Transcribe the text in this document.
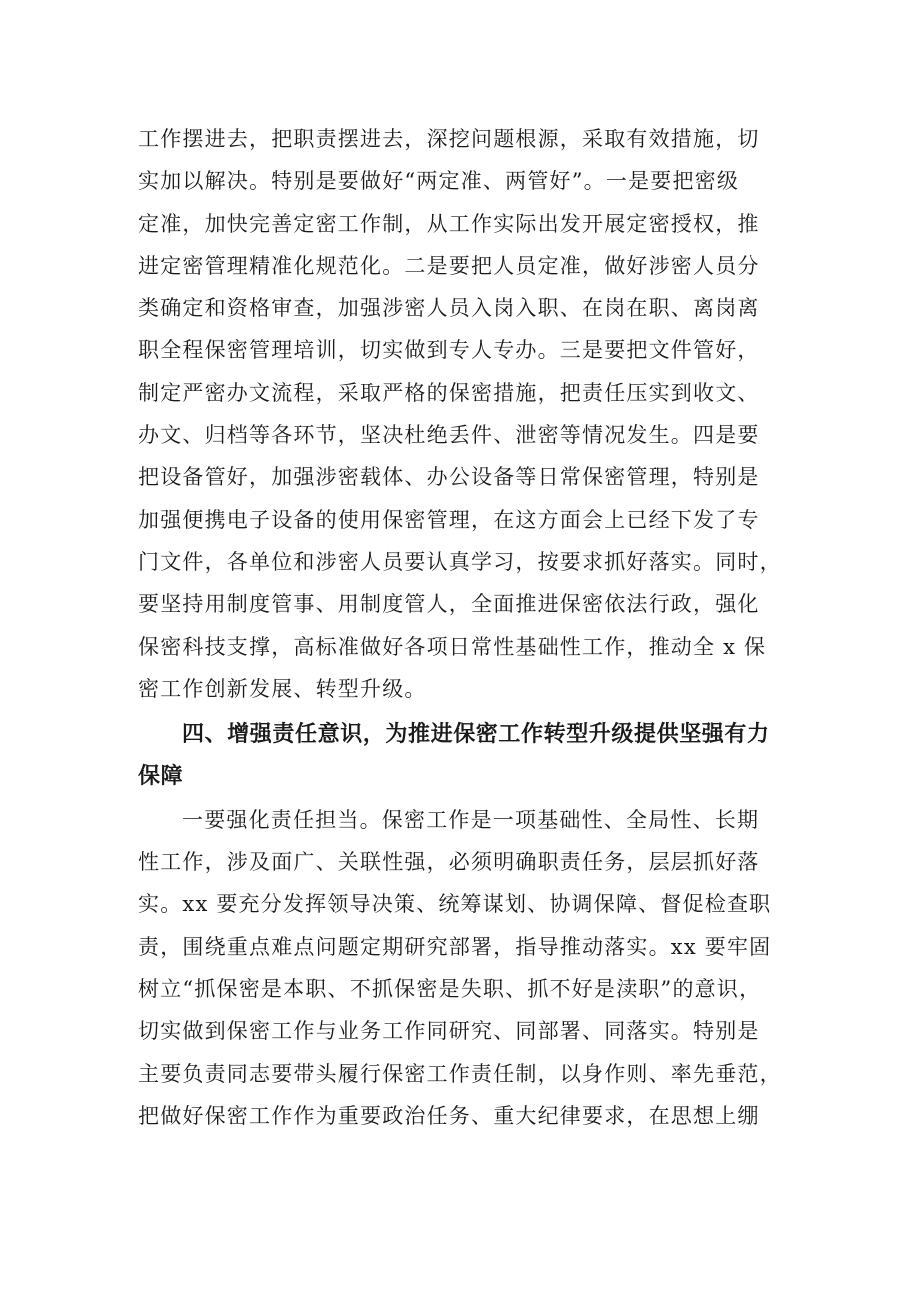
工作摆进去，把职责摆进去，深挖问题根源，采取有效措施，切
实加以解决。特别是要做好“两定准、两管好”。一是要把密级
定准，加快完善定密工作制，从工作实际出发开展定密授权，推
进定密管理精准化规范化。二是要把人员定准，做好涉密人员分
类确定和资格审查，加强涉密人员入岗入职、在岗在职、离岗离
职全程保密管理培训，切实做到专人专办。三是要把文件管好，
制定严密办文流程，采取严格的保密措施，把责任压实到收文、
办文、归档等各环节，坚决杜绝丢件、泄密等情况发生。四是要
把设备管好，加强涉密载体、办公设备等日常保密管理，特别是
加强便携电子设备的使用保密管理，在这方面会上已经下发了专
门文件，各单位和涉密人员要认真学习，按要求抓好落实。同时，
要坚持用制度管事、用制度管人，全面推进保密依法行政，强化
保密科技支撑，高标准做好各项日常性基础性工作，推动全 x 保
密工作创新发展、转型升级。
四、增强责任意识，为推进保密工作转型升级提供坚强有力
保障
一要强化责任担当。保密工作是一项基础性、全局性、长期
性工作，涉及面广、关联性强，必须明确职责任务，层层抓好落
实。xx 要充分发挥领导决策、统筹谋划、协调保障、督促检查职
责，围绕重点难点问题定期研究部署，指导推动落实。xx 要牢固
树立“抓保密是本职、不抓保密是失职、抓不好是渎职”的意识，
切实做到保密工作与业务工作同研究、同部署、同落实。特别是
主要负责同志要带头履行保密工作责任制，以身作则、率先垂范，
把做好保密工作作为重要政治任务、重大纪律要求，在思想上绷
